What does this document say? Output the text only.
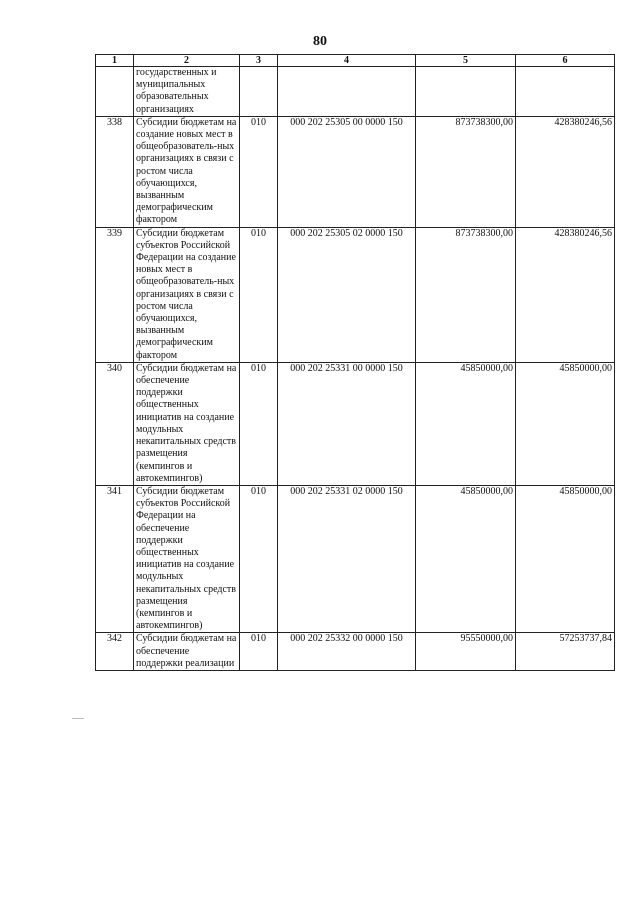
80
1	2	3	4	5	6
	государственных и муниципальных образовательных организациях				
338	Субсидии бюджетам на создание новых мест в общеобразователь-ных организациях в связи с ростом числа обучающихся, вызванным демографическим фактором	010	000 202 25305 00 0000 150	873738300,00	428380246,56
339	Субсидии бюджетам субъектов Российской Федерации на создание новых мест в общеобразователь-ных организациях в связи с ростом числа обучающихся, вызванным демографическим фактором	010	000 202 25305 02 0000 150	873738300,00	428380246,56
340	Субсидии бюджетам на обеспечение поддержки общественных инициатив на создание модульных некапитальных средств размещения (кемпингов и автокемпингов)	010	000 202 25331 00 0000 150	45850000,00	45850000,00
341	Субсидии бюджетам субъектов Российской Федерации на обеспечение поддержки общественных инициатив на создание модульных некапитальных средств размещения (кемпингов и автокемпингов)	010	000 202 25331 02 0000 150	45850000,00	45850000,00
342	Субсидии бюджетам на обеспечение поддержки реализации	010	000 202 25332 00 0000 150	95550000,00	57253737,84
